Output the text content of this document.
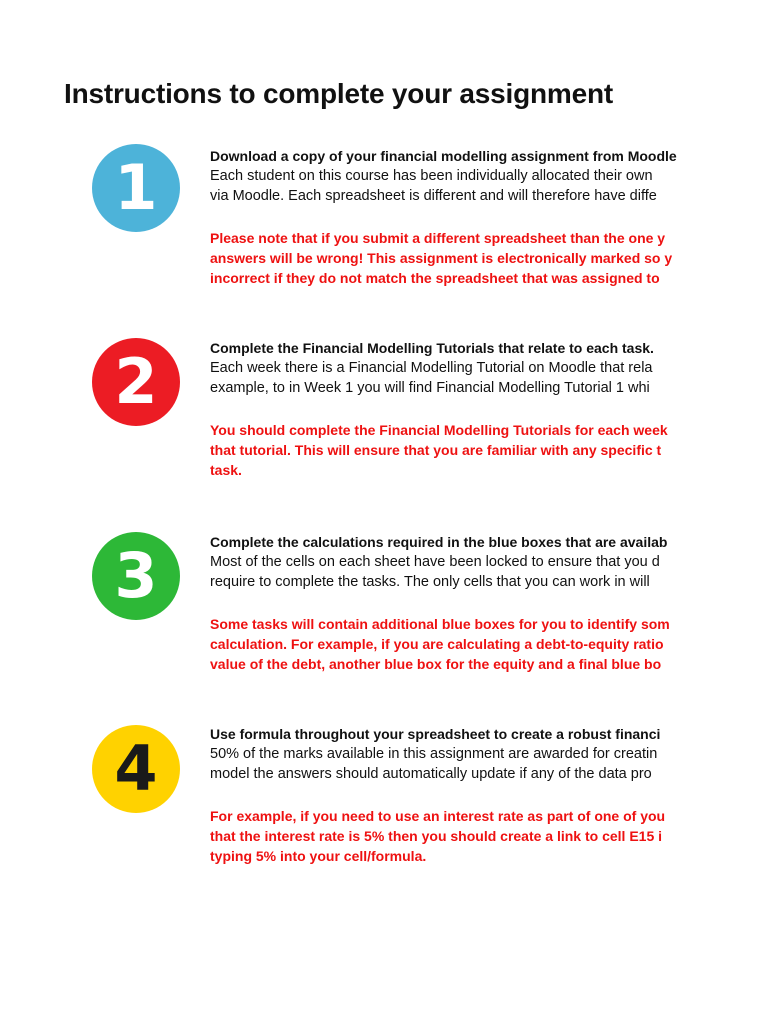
Instructions to complete your assignment
1	Download a copy of your financial modelling assignment from Moodle
Each student on this course has been individually allocated their own
via Moodle. Each spreadsheet is different and will therefore have diffe
Please note that if you submit a different spreadsheet than the one y
answers will be wrong! This assignment is electronically marked so y
incorrect if they do not match the spreadsheet that was assigned to
2	Complete the Financial Modelling Tutorials that relate to each task.
Each week there is a Financial Modelling Tutorial on Moodle that rela
example, to in Week 1 you will find Financial Modelling Tutorial 1 whi
You should complete the Financial Modelling Tutorials for each week
that tutorial. This will ensure that you are familiar with any specific t
task.
3	Complete the calculations required in the blue boxes that are availab
Most of the cells on each sheet have been locked to ensure that you d
require to complete the tasks. The only cells that you can work in will
Some tasks will contain additional blue boxes for you to identify som
calculation. For example, if you are calculating a debt-to-equity ratio
value of the debt, another blue box for the equity and a final blue bo
4	Use formula throughout your spreadsheet to create a robust financi
50% of the marks available in this assignment are awarded for creatin
model the answers should automatically update if any of the data pro
For example, if you need to use an interest rate as part of one of you
that the interest rate is 5% then you should create a link to cell E15 i
typing 5% into your cell/formula.
